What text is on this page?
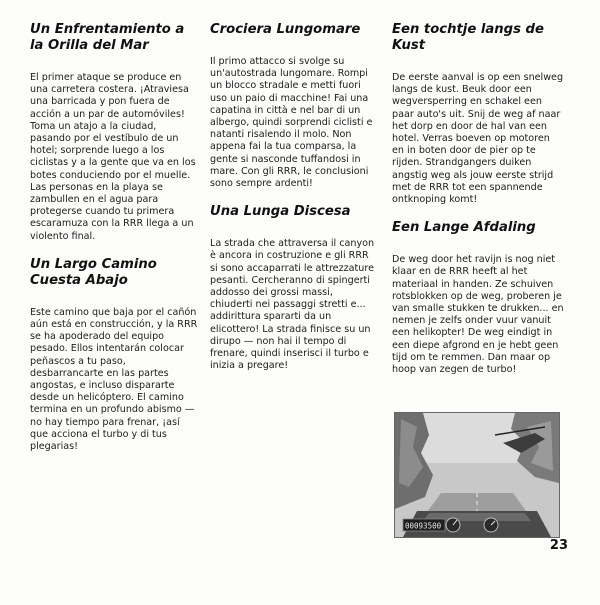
Un Enfrentamiento a la Orilla del Mar

El primer ataque se produce en una carretera costera. ¡Atraviesa una barricada y pon fuera de acción a un par de automóviles! Toma un atajo a la ciudad, pasando por el vestíbulo de un hotel; sorprende luego a los ciclistas y a la gente que va en los botes conduciendo por el muelle. Las personas en la playa se zambullen en el agua para protegerse cuando tu primera escaramuza con la RRR llega a un violento final.

Un Largo Camino Cuesta Abajo

Este camino que baja por el cañón aún está en construcción, y la RRR se ha apoderado del equipo pesado. Ellos intentarán colocar peñascos a tu paso, desbarrancarte en las partes angostas, e incluso dispararte desde un helicóptero. El camino termina en un profundo abismo — no hay tiempo para frenar, ¡así que acciona el turbo y di tus plegarias!

Crociera Lungomare

Il primo attacco si svolge su un'autostrada lungomare. Rompi un blocco stradale e metti fuori uso un paio di macchine! Fai una capatina in città e nel bar di un albergo, quindi sorprendi ciclisti e natanti risalendo il molo. Non appena fai la tua comparsa, la gente si nasconde tuffandosi in mare. Con gli RRR, le conclusioni sono sempre ardenti!

Una Lunga Discesa

La strada che attraversa il canyon è ancora in costruzione e gli RRR si sono accaparrati le attrezzature pesanti. Cercheranno di spingerti addosso dei grossi massi, chiuderti nei passaggi stretti e... addirittura spararti da un elicottero! La strada finisce su un dirupo — non hai il tempo di frenare, quindi inserisci il turbo e inizia a pregare!

Een tochtje langs de Kust

De eerste aanval is op een snelweg langs de kust. Beuk door een wegversperring en schakel een paar auto's uit. Snij de weg af naar het dorp en door de hal van een hotel. Verras boeven op motoren en in boten door de pier op te rijden. Strandgangers duiken angstig weg als jouw eerste strijd met de RRR tot een spannende ontknoping komt!

Een Lange Afdaling

De weg door het ravijn is nog niet klaar en de RRR heeft al het materiaal in handen. Ze schuiven rotsblokken op de weg, proberen je van smalle stukken te drukken... en nemen je zelfs onder vuur vanuit een helikopter! De weg eindigt in een diepe afgrond en je hebt geen tijd om te remmen. Dan maar op hoop van zegen de turbo!

00093500
23
